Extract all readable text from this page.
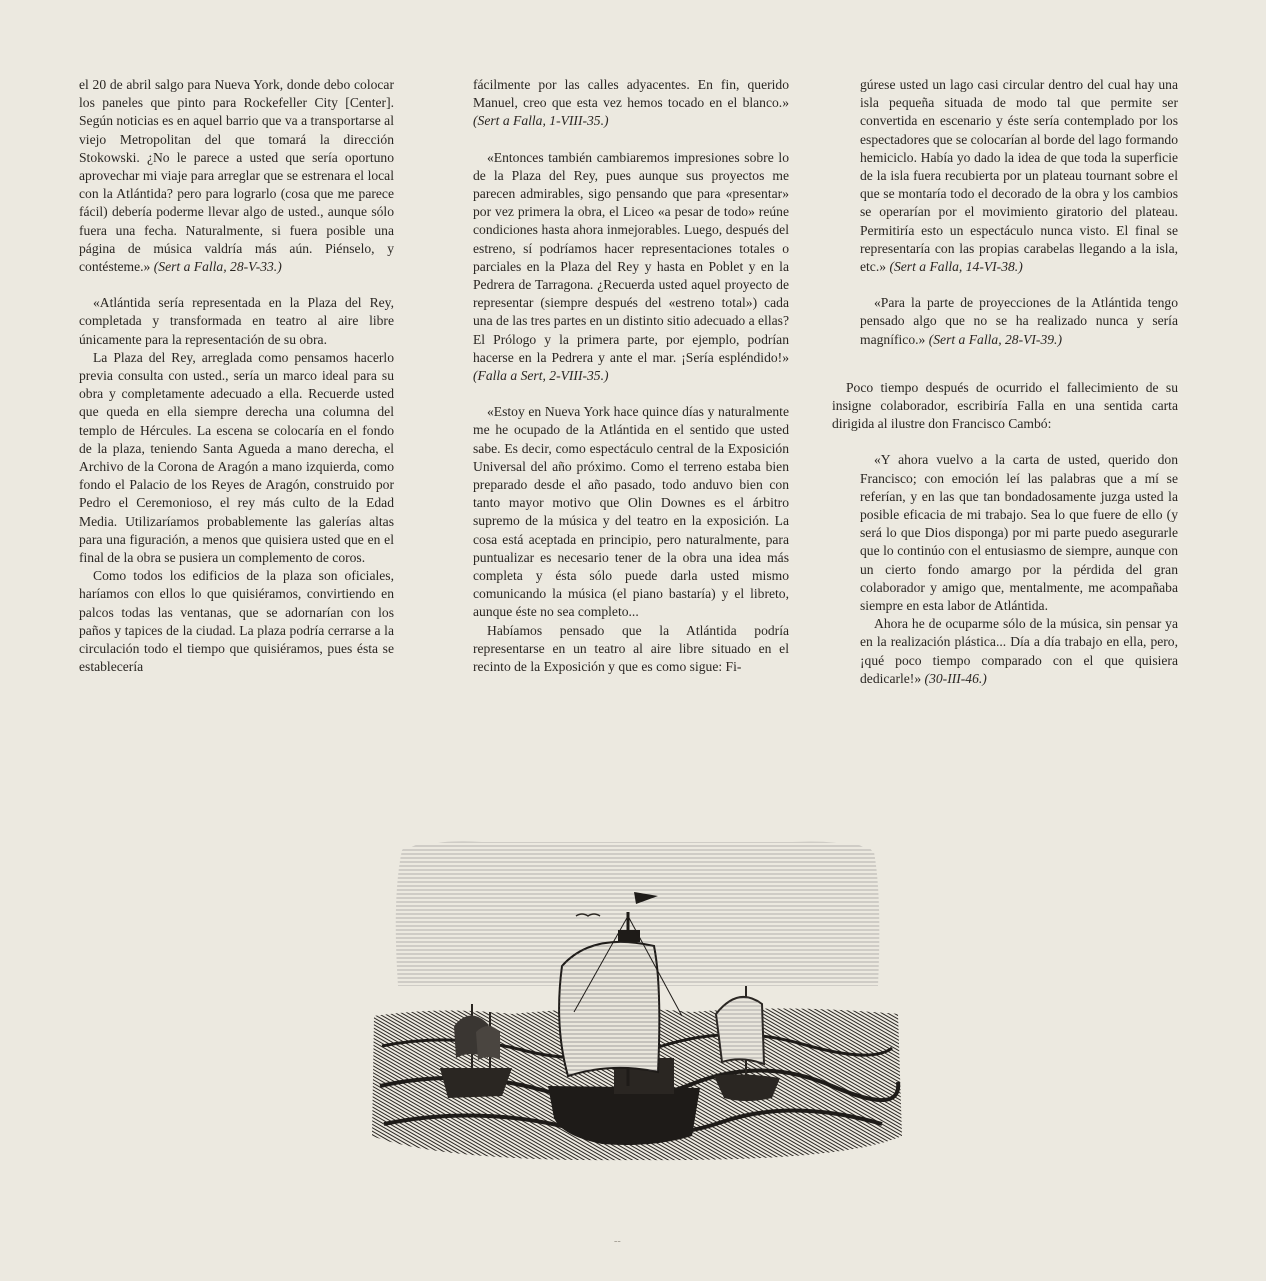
el 20 de abril salgo para Nueva York, donde debo colocar los paneles que pinto para Rockefeller City [Center]. Según noticias es en aquel barrio que va a transportarse al viejo Metropolitan del que tomará la dirección Stokowski. ¿No le parece a usted que sería oportuno aprovechar mi viaje para arreglar que se estrenara el local con la Atlántida? pero para lograrlo (cosa que me parece fácil) debería poderme llevar algo de usted., aunque sólo fuera una fecha. Naturalmente, si fuera posible una página de música valdría más aún. Piénselo, y contésteme.» (Sert a Falla, 28-V-33.)

«Atlántida sería representada en la Plaza del Rey, completada y transformada en teatro al aire libre únicamente para la representación de su obra.

La Plaza del Rey, arreglada como pensamos hacerlo previa consulta con usted., sería un marco ideal para su obra y completamente adecuado a ella. Recuerde usted que queda en ella siempre derecha una columna del templo de Hércules. La escena se colocaría en el fondo de la plaza, teniendo Santa Agueda a mano derecha, el Archivo de la Corona de Aragón a mano izquierda, como fondo el Palacio de los Reyes de Aragón, construido por Pedro el Ceremonioso, el rey más culto de la Edad Media. Utilizaríamos probablemente las galerías altas para una figuración, a menos que quisiera usted que en el final de la obra se pusiera un complemento de coros.

Como todos los edificios de la plaza son oficiales, haríamos con ellos lo que quisiéramos, convirtiendo en palcos todas las ventanas, que se adornarían con los paños y tapices de la ciudad. La plaza podría cerrarse a la circulación todo el tiempo que quisiéramos, pues ésta se establecería

fácilmente por las calles adyacentes. En fin, querido Manuel, creo que esta vez hemos tocado en el blanco.» (Sert a Falla, 1-VIII-35.)

«Entonces también cambiaremos impresiones sobre lo de la Plaza del Rey, pues aunque sus proyectos me parecen admirables, sigo pensando que para «presentar» por vez primera la obra, el Liceo «a pesar de todo» reúne condiciones hasta ahora inmejorables. Luego, después del estreno, sí podríamos hacer representaciones totales o parciales en la Plaza del Rey y hasta en Poblet y en la Pedrera de Tarragona. ¿Recuerda usted aquel proyecto de representar (siempre después del «estreno total») cada una de las tres partes en un distinto sitio adecuado a ellas? El Prólogo y la primera parte, por ejemplo, podrían hacerse en la Pedrera y ante el mar. ¡Sería espléndido!» (Falla a Sert, 2-VIII-35.)

«Estoy en Nueva York hace quince días y naturalmente me he ocupado de la Atlántida en el sentido que usted sabe. Es decir, como espectáculo central de la Exposición Universal del año próximo. Como el terreno estaba bien preparado desde el año pasado, todo anduvo bien con tanto mayor motivo que Olin Downes es el árbitro supremo de la música y del teatro en la exposición. La cosa está aceptada en principio, pero naturalmente, para puntualizar es necesario tener de la obra una idea más completa y ésta sólo puede darla usted mismo comunicando la música (el piano bastaría) y el libreto, aunque éste no sea completo...

Habíamos pensado que la Atlántida podría representarse en un teatro al aire libre situado en el recinto de la Exposición y que es como sigue: Fi-

gúrese usted un lago casi circular dentro del cual hay una isla pequeña situada de modo tal que permite ser convertida en escenario y éste sería contemplado por los espectadores que se colocarían al borde del lago formando hemiciclo. Había yo dado la idea de que toda la superficie de la isla fuera recubierta por un plateau tournant sobre el que se montaría todo el decorado de la obra y los cambios se operarían por el movimiento giratorio del plateau. Permitiría esto un espectáculo nunca visto. El final se representaría con las propias carabelas llegando a la isla, etc.» (Sert a Falla, 14-VI-38.)

«Para la parte de proyecciones de la Atlántida tengo pensado algo que no se ha realizado nunca y sería magnífico.» (Sert a Falla, 28-VI-39.)

Poco tiempo después de ocurrido el fallecimiento de su insigne colaborador, escribiría Falla en una sentida carta dirigida al ilustre don Francisco Cambó:

«Y ahora vuelvo a la carta de usted, querido don Francisco; con emoción leí las palabras que a mí se referían, y en las que tan bondadosamente juzga usted la posible eficacia de mi trabajo. Sea lo que fuere de ello (y será lo que Dios disponga) por mi parte puedo asegurarle que lo continúo con el entusiasmo de siempre, aunque con un cierto fondo amargo por la pérdida del gran colaborador y amigo que, mentalmente, me acompañaba siempre en esta labor de Atlántida.

Ahora he de ocuparme sólo de la música, sin pensar ya en la realización plástica... Día a día trabajo en ella, pero, ¡qué poco tiempo comparado con el que quisiera dedicarle!» (30-III-46.)

--
